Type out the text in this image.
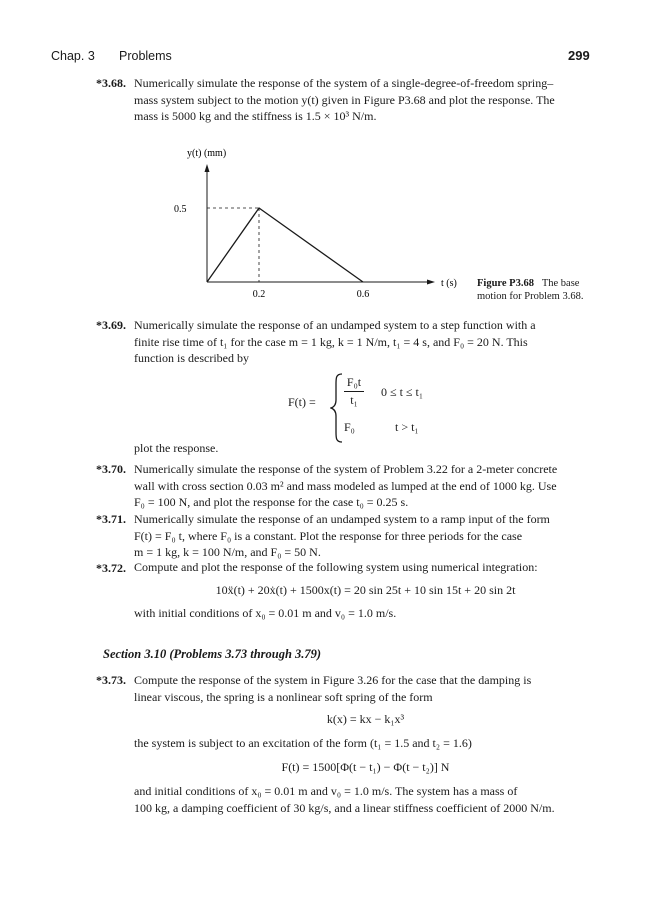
Chap. 3 Problems	299
*3.68. Numerically simulate the response of the system of a single-degree-of-freedom spring–
mass system subject to the motion y(t) given in Figure P3.68 and plot the response. The
mass is 5000 kg and the stiffness is 1.5 × 10³ N/m.
y(t) (mm)
0.5
0.2	0.6
t (s) Figure P3.68 The base
motion for Problem 3.68.
*3.69. Numerically simulate the response of an undamped system to a step function with a
finite rise time of t₁ for the case m = 1 kg, k = 1 N/m, t₁ = 4 s, and F₀ = 20 N. This
function is described by
F(t) =
F₀t
t₁
0 ≤ t ≤ t₁
F₀	t > t₁
plot the response.
*3.70. Numerically simulate the response of the system of Problem 3.22 for a 2-meter concrete
wall with cross section 0.03 m² and mass modeled as lumped at the end of 1000 kg. Use
F₀ = 100 N, and plot the response for the case t₀ = 0.25 s.
*3.71. Numerically simulate the response of an undamped system to a ramp input of the form
F(t) = F₀ t, where F₀ is a constant. Plot the response for three periods for the case
m = 1 kg, k = 100 N/m, and F₀ = 50 N.
*3.72. Compute and plot the response of the following system using numerical integration:
10ẍ(t) + 20ẋ(t) + 1500x(t) = 20 sin 25t + 10 sin 15t + 20 sin 2t
with initial conditions of x₀ = 0.01 m and v₀ = 1.0 m/s.
Section 3.10 (Problems 3.73 through 3.79)
*3.73. Compute the response of the system in Figure 3.26 for the case that the damping is
linear viscous, the spring is a nonlinear soft spring of the form
k(x) = kx − k₁x³
the system is subject to an excitation of the form (t₁ = 1.5 and t₂ = 1.6)
F(t) = 1500[Φ(t − t₁) − Φ(t − t₂)] N
and initial conditions of x₀ = 0.01 m and v₀ = 1.0 m/s. The system has a mass of
100 kg, a damping coefficient of 30 kg/s, and a linear stiffness coefficient of 2000 N/m.
